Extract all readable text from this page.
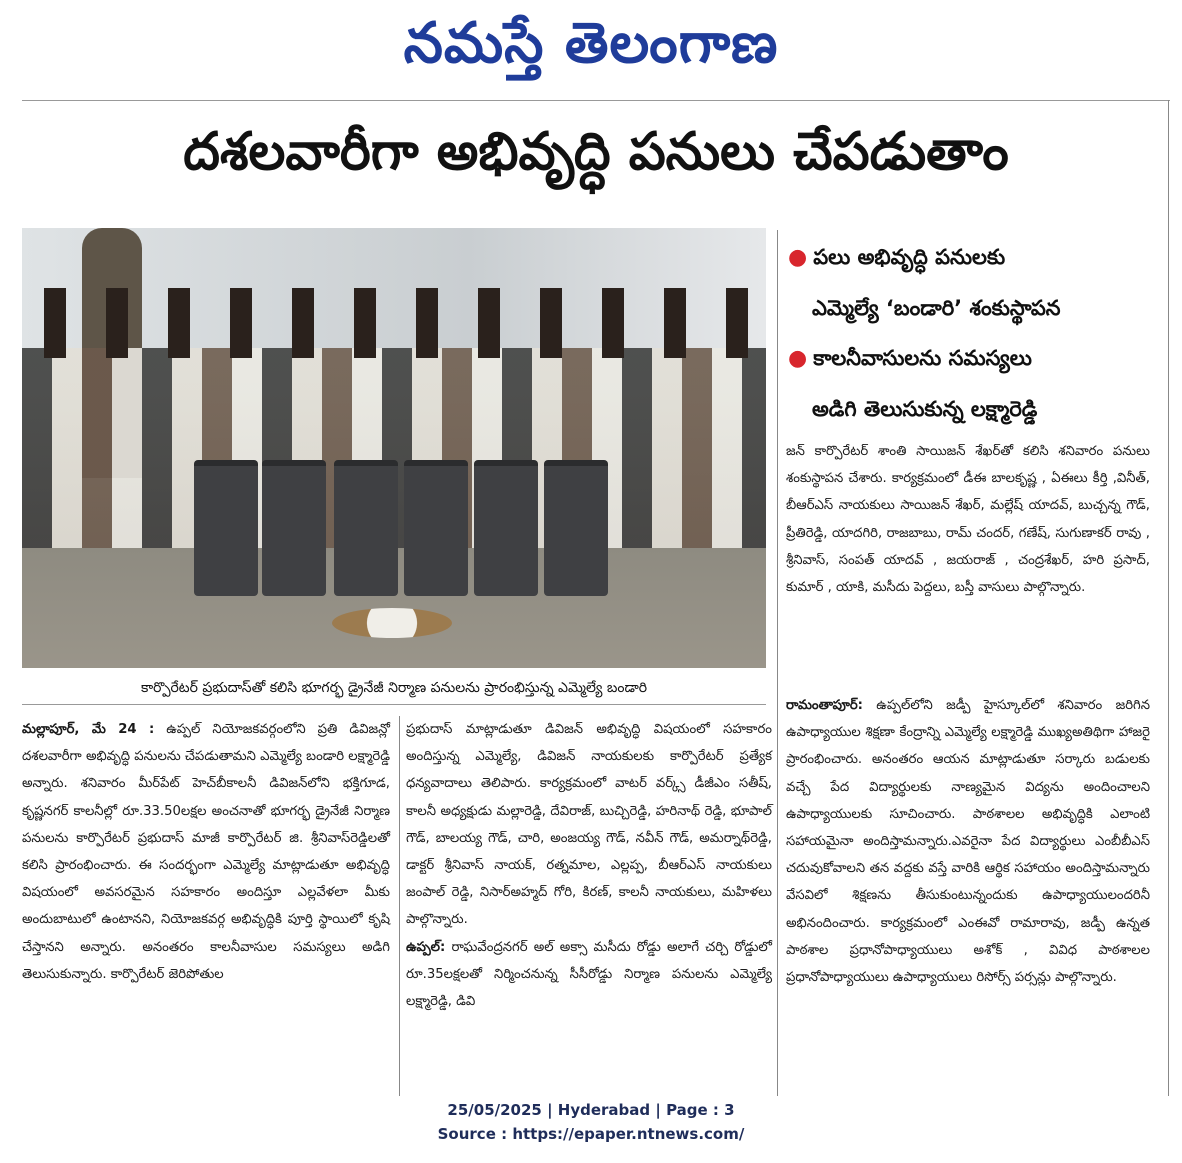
నమస్తే తెలంగాణ
దశలవారీగా అభివృద్ధి పనులు చేపడుతాం
కార్పొరేటర్ ప్రభుదాస్‌తో కలిసి భూగర్భ డ్రైనేజీ నిర్మాణ పనులను ప్రారంభిస్తున్న ఎమ్మెల్యే బండారి
● పలు అభివృద్ధి పనులకు
ఎమ్మెల్యే ‘బండారి’ శంకుస్థాపన
● కాలనీవాసులను సమస్యలు
అడిగి తెలుసుకున్న లక్ష్మారెడ్డి

జన్ కార్పొరేటర్ శాంతి సాయిజన్ శేఖర్‌తో కలిసి శనివారం పనులు శంకుస్థాపన చేశారు. కార్యక్రమంలో డీఈ బాలకృష్ణ , ఏఈలు కీర్తి ,వినీత్, బీఆర్ఎస్ నాయకులు సాయిజన్ శేఖర్, మల్లేష్ యాదవ్, బుచ్చన్న గౌడ్, ప్రీతిరెడ్డి, యాదగిరి, రాజబాబు, రామ్ చందర్, గణేష్, సుగుణాకర్ రావు , శ్రీనివాస్, సంపత్ యాదవ్ , జయరాజ్ , చంద్రశేఖర్, హరి ప్రసాద్, కుమార్ , యాకి, మసీదు పెద్దలు, బస్తీ వాసులు పాల్గొన్నారు.

రామంతాపూర్: ఉప్పల్‌లోని జడ్పీ హైస్కూల్‌లో శనివారం జరిగిన ఉపాధ్యాయుల శిక్షణా కేంద్రాన్ని ఎమ్మెల్యే లక్ష్మారెడ్డి ముఖ్యఅతిథిగా హాజరై ప్రారంభించారు. అనంతరం ఆయన మాట్లాడుతూ సర్కారు బడులకు వచ్చే పేద విద్యార్థులకు నాణ్యమైన విద్యను అందించాలని ఉపాధ్యాయులకు సూచించారు. పాఠశాలల అభివృద్ధికి ఎలాంటి సహాయమైనా అందిస్తామన్నారు.ఎవరైనా పేద విద్యార్థులు ఎంబీబీఎస్ చదువుకోవాలని తన వద్దకు వస్తే వారికి ఆర్థిక సహాయం అందిస్తామన్నారు వేసవిలో శిక్షణను తీసుకుంటున్నందుకు ఉపాధ్యాయులందరినీ అభినందించారు. కార్యక్రమంలో ఎంఈవో రామారావు, జడ్పీ ఉన్నత పాఠశాల ప్రధానోపాధ్యాయులు అశోక్ , వివిధ పాఠశాలల ప్రధానోపాధ్యాయులు ఉపాధ్యాయులు రిసోర్స్ పర్సన్లు పాల్గొన్నారు.

మల్లాపూర్, మే 24 : ఉప్పల్ నియోజకవర్గంలోని ప్రతి డివిజన్లో దశలవారీగా అభివృద్ధి పనులను చేపడుతామని ఎమ్మెల్యే బండారి లక్ష్మారెడ్డి అన్నారు. శనివారం మీర్‌పేట్ హెచ్‌బీకాలనీ డివిజన్‌లోని భక్తిగూడ, కృష్ణనగర్ కాలనీల్లో రూ.33.50లక్షల అంచనాతో భూగర్భ డ్రైనేజీ నిర్మాణ పనులను కార్పొరేటర్ ప్రభుదాస్ మాజీ కార్పొరేటర్ జి. శ్రీనివాస్‌రెడ్డిలతో కలిసి ప్రారంభించారు. ఈ సందర్భంగా ఎమ్మెల్యే మాట్లాడుతూ అభివృద్ధి విషయంలో అవసరమైన సహకారం అందిస్తూ ఎల్లవేళలా మీకు అందుబాటులో ఉంటానని, నియోజకవర్గ అభివృద్ధికి పూర్తి స్థాయిలో కృషి చేస్తానని అన్నారు. అనంతరం కాలనీవాసుల సమస్యలు అడిగి తెలుసుకున్నారు. కార్పొరేటర్ జెరిపోతుల

ప్రభుదాస్ మాట్లాడుతూ డివిజన్ అభివృద్ధి విషయంలో సహకారం అందిస్తున్న ఎమ్మెల్యే, డివిజన్ నాయకులకు కార్పొరేటర్ ప్రత్యేక ధన్యవాదాలు తెలిపారు. కార్యక్రమంలో వాటర్ వర్క్స్ డీజీఎం సతీష్, కాలనీ అధ్యక్షుడు మల్లారెడ్డి, దేవిరాజ్, బుచ్చిరెడ్డి, హరినాథ్ రెడ్డి, భూపాల్ గౌడ్, బాలయ్య గౌడ్, చారి, అంజయ్య గౌడ్, నవీన్ గౌడ్, అమర్నాథ్‌రెడ్డి, డాక్టర్ శ్రీనివాస్ నాయక్, రత్నమాల, ఎల్లప్ప, బీఆర్ఎస్ నాయకులు జంపాల్ రెడ్డి, నిసార్‌అహ్మద్ గోరి, కిరణ్, కాలనీ నాయకులు, మహిళలు పాల్గొన్నారు.

ఉప్పల్: రాఘవేంద్రనగర్ అల్ అక్సా మసీదు రోడ్డు అలాగే చర్చి రోడ్డులో రూ.35లక్షలతో నిర్మించనున్న సీసీరోడ్డు నిర్మాణ పనులను ఎమ్మెల్యే లక్ష్మారెడ్డి, డివి

25/05/2025 | Hyderabad | Page : 3
Source : https://epaper.ntnews.com/
